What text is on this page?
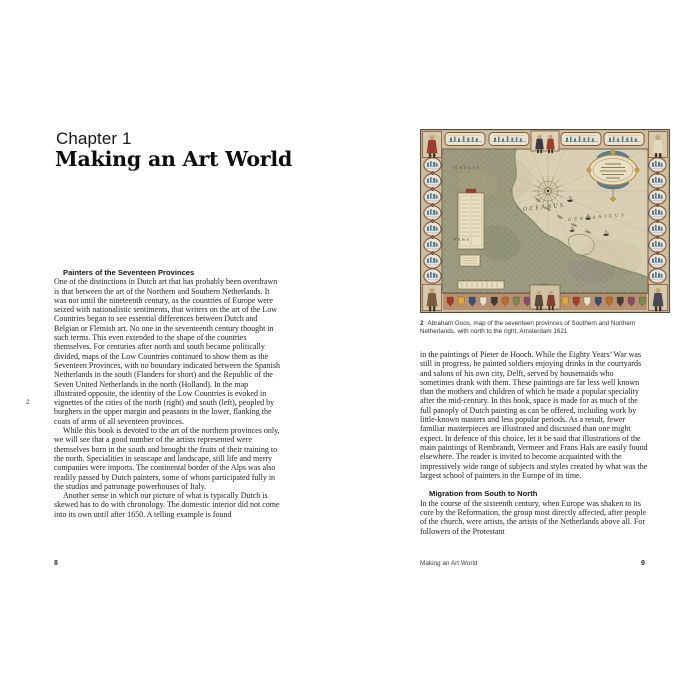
Chapter 1
Making an Art World
2
Painters of the Seventeen Provinces

One of the distinctions in Dutch art that has probably been overdrawn is that between the art of the Northern and Southern Netherlands. It was not until the nineteenth century, as the countries of Europe were seized with nationalistic sentiments, that writers on the art of the Low Countries began to see essential differences between Dutch and Belgian or Flemish art. No one in the seventeenth century thought in such terms. This even extended to the shape of the countries themselves. For centuries after north and south became politically divided, maps of the Low Countries continued to show them as the Seventeen Provinces, with no boundary indicated between the Spanish Netherlands in the south (Flanders for short) and the Republic of the Seven United Netherlands in the north (Holland). In the map illustrated opposite, the identity of the Low Countries is evoked in vignettes of the cities of the north (right) and south (left), peopled by burghers in the upper margin and peasants in the lower, flanking the coats of arms of all seventeen provinces.

While this book is devoted to the art of the northern provinces only, we will see that a good number of the artists represented were themselves born in the south and brought the fruits of their training to the north. Specialities in seascape and landscape, still life and merry companies were imports. The continental border of the Alps was also readily passed by Dutch painters, some of whom participated fully in the studios and patronage powerhouses of Italy.

Another sense in which our picture of what is typically Dutch is skewed has to do with chronology. The domestic interior did not come into its own until after 1650. A telling example is found

8
OCEANUS
GERMANICUS
GALLIA
PARS
2 Abraham Goos, map of the seventeen provinces of Southern and Northern Netherlands, with north to the right, Amsterdam 1621

in the paintings of Pieter de Hooch. While the Eighty Years’ War was still in progress, he painted soldiers enjoying drinks in the courtyards and salons of his own city, Delft, served by housemaids who sometimes drank with them. These paintings are far less well known than the mothers and children of which he made a popular speciality after the mid-century. In this book, space is made for as much of the full panoply of Dutch painting as can be offered, including work by little-known masters and less popular periods. As a result, fewer familiar masterpieces are illustrated and discussed than one might expect. In defence of this choice, let it be said that illustrations of the main paintings of Rembrandt, Vermeer and Frans Hals are easily found elsewhere. The reader is invited to become acquainted with the impressively wide range of subjects and styles created by what was the largest school of painters in the Europe of its time.

Migration from South to North

In the course of the sixteenth century, when Europe was shaken to its core by the Reformation, the group most directly affected, after people of the church, were artists, the artists of the Netherlands above all. For followers of the Protestant

Making an Art World	9
